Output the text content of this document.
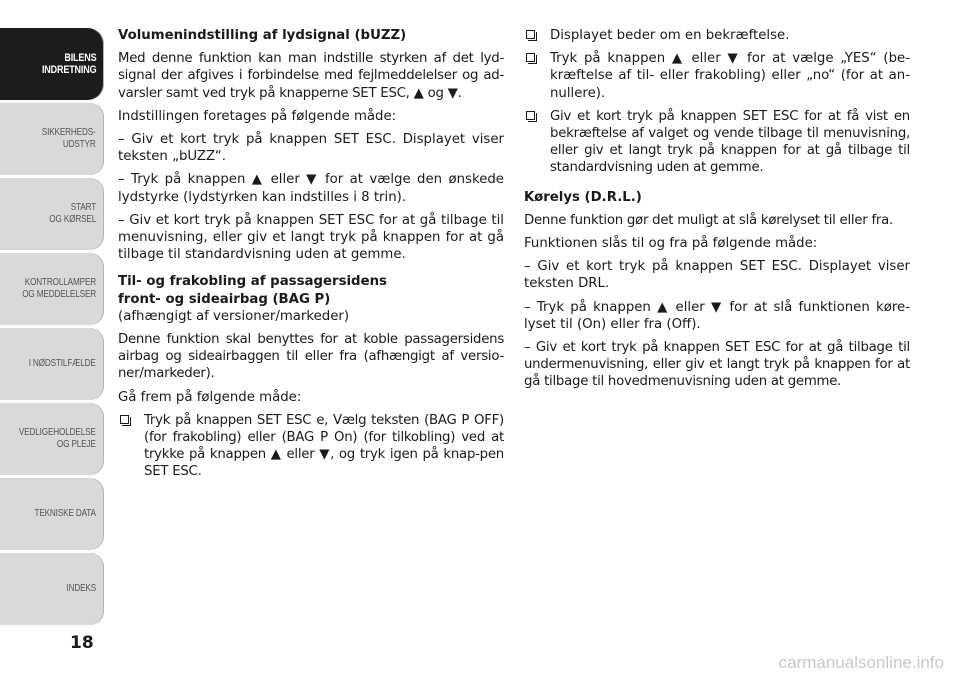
BILENS
INDRETNING
SIKKERHEDS-
UDSTYR
START
OG KØRSEL
KONTROLLAMPER
OG MEDDELELSER
I NØDSTILFÆLDE
VEDLIGEHOLDELSE
OG PLEJE
TEKNISKE DATA
INDEKS
18

Volumenindstilling af lydsignal (bUZZ)

Med denne funktion kan man indstille styrken af det lyd-signal der afgives i forbindelse med fejlmeddelelser og ad-varsler samt ved tryk på knapperne SET ESC, ▲ og ▼.

Indstillingen foretages på følgende måde:

– Giv et kort tryk på knappen SET ESC. Displayet viser teksten „bUZZ“.

– Tryk på knappen ▲ eller ▼ for at vælge den ønskede lydstyrke (lydstyrken kan indstilles i 8 trin).

– Giv et kort tryk på knappen SET ESC for at gå tilbage til menuvisning, eller giv et langt tryk på knappen for at gå tilbage til standardvisning uden at gemme.

Til- og frakobling af passagersidens
front- og sideairbag (BAG P)

(afhængigt af versioner/markeder)

Denne funktion skal benyttes for at koble passagersidens airbag og sideairbaggen til eller fra (afhængigt af versio-ner/markeder).

Gå frem på følgende måde:

Tryk på knappen SET ESC e, Vælg teksten (BAG P OFF) (for frakobling) eller (BAG P On) (for tilkobling) ved at trykke på knappen ▲ eller ▼, og tryk igen på knap-pen SET ESC.
Displayet beder om en bekræftelse.
Tryk på knappen ▲ eller ▼ for at vælge „YES“ (be-kræftelse af til- eller frakobling) eller „no“ (for at an-nullere).
Giv et kort tryk på knappen SET ESC for at få vist en bekræftelse af valget og vende tilbage til menuvisning, eller giv et langt tryk på knappen for at gå tilbage til standardvisning uden at gemme.

Kørelys (D.R.L.)

Denne funktion gør det muligt at slå kørelyset til eller fra.

Funktionen slås til og fra på følgende måde:

– Giv et kort tryk på knappen SET ESC. Displayet viser teksten DRL.

– Tryk på knappen ▲ eller ▼ for at slå funktionen køre-lyset til (On) eller fra (Off).

– Giv et kort tryk på knappen SET ESC for at gå tilbage til undermenuvisning, eller giv et langt tryk på knappen for at gå tilbage til hovedmenuvisning uden at gemme.

carmanualsonline.info
